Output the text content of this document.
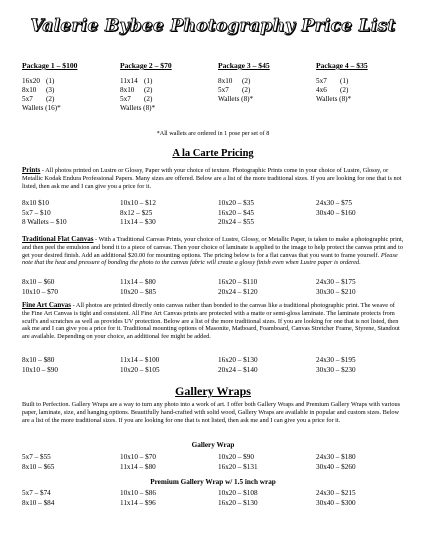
Valerie Bybee Photography Price List
Package 1 – $100
16x20 (1)
8x10	(3)
5x7	(2)
Wallets (16)*
Package 2 – $70
11x14 (1)
8x10	(2)
5x7	(2)
Wallets (8)*
Package 3 – $45
8x10	(2)
5x7	(2)
Wallets (8)*
Package 4 – $35
5x7	(1)
4x6	(2)
Wallets (8)*
*All wallets are ordered in 1 pose per set of 8
A la Carte Pricing
Prints - All photos printed on Lustre or Glossy, Paper with your choice of texture. Photographic Prints come in your choice of Lustre, Glossy, or Metallic Kodak Endura Professional Papers. Many sizes are offered. Below are a list of the more traditional sizes. If you are looking for one that is not listed, then ask me and I can give you a price for it.
8x10 $10	10x10 – $12	10x20 – $35	24x30 – $75
5x7 – $10	8x12 – $25	16x20 – $45	30x40 – $160
8 Wallets – $10	11x14 – $30	20x24 – $55
Traditional Flat Canvas - With a Traditional Canvas Prints, your choice of Lustre, Glossy, or Metallic Paper, is taken to make a photographic print, and then peel the emulsion and bond it to a piece of canvas. Then your choice of laminate is applied to the image to help protect the canvas print and to get your desired finish. Add an additional $20.00 for mounting options. The pricing below is for a flat canvas that you want to frame yourself. Please note that the heat and pressure of bonding the photo to the canvas fabric will create a glossy finish even when Lustre paper is ordered.
8x10 – $60	11x14 – $80	16x20 – $110	24x30 – $175
10x10 – $70	10x20 – $85	20x24 – $120	30x30 – $210
Fine Art Canvas - All photos are printed directly onto canvas rather than bonded to the canvas like a traditional photographic print. The weave of the Fine Art Canvas is tight and consistent. All Fine Art Canvas prints are protected with a matte or semi-gloss laminate. The laminate protects from scuff's and scratches as well as provides UV protection. Below are a list of the more traditional sizes. If you are looking for one that is not listed, then ask me and I can give you a price for it. Traditional mounting options of Masonite, Matboard, Foamboard, Canvas Stretcher Frame, Styrene, Standout are available. Depending on your choice, an additional fee might be added.
8x10 – $80	11x14 – $100	16x20 – $130	24x30 – $195
10x10 – $90	10x20 – $105	20x24 – $140	30x30 – $230
Gallery Wraps
Built to Perfection. Gallery Wraps are a way to turn any photo into a work of art. I offer both Gallery Wraps and Premium Gallery Wraps with various paper, laminate, size, and hanging options. Beautifully hand-crafted with solid wood, Gallery Wraps are available in popular and custom sizes. Below are a list of the more traditional sizes. If you are looking for one that is not listed, then ask me and I can give you a price for it.
Gallery Wrap
5x7 – $55	10x10 – $70	10x20 – $90	24x30 – $180
8x10 – $65	11x14 – $80	16x20 – $131	30x40 – $260
Premium Gallery Wrap w/ 1.5 inch wrap
5x7 – $74	10x10 – $86	10x20 – $108	24x30 – $215
8x10 – $84	11x14 – $96	16x20 – $130	30x40 – $300
